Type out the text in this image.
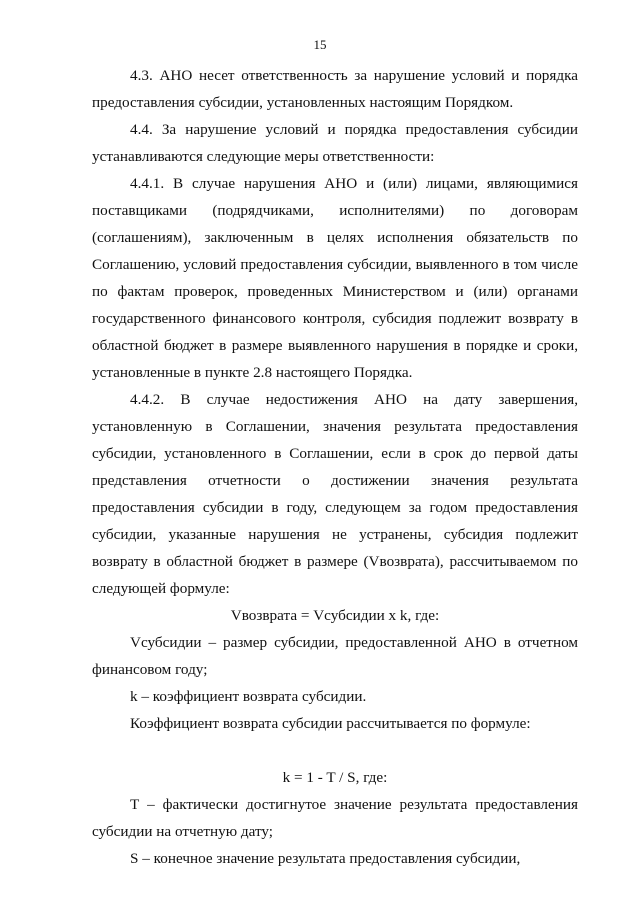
15

4.3. АНО несет ответственность за нарушение условий и порядка предоставления субсидии, установленных настоящим Порядком.

4.4. За нарушение условий и порядка предоставления субсидии устанавливаются следующие меры ответственности:

4.4.1. В случае нарушения АНО и (или) лицами, являющимися поставщиками (подрядчиками, исполнителями) по договорам (соглашениям), заключенным в целях исполнения обязательств по Соглашению, условий предоставления субсидии, выявленного в том числе по фактам проверок, проведенных Министерством и (или) органами государственного финансового контроля, субсидия подлежит возврату в областной бюджет в размере выявленного нарушения в порядке и сроки, установленные в пункте 2.8 настоящего Порядка.

4.4.2. В случае недостижения АНО на дату завершения, установленную в Соглашении, значения результата предоставления субсидии, установленного в Соглашении, если в срок до первой даты представления отчетности о достижении значения результата предоставления субсидии в году, следующем за годом предоставления субсидии, указанные нарушения не устранены, субсидия подлежит возврату в областной бюджет в размере (Vвозврата), рассчитываемом по следующей формуле:

Vвозврата = Vсубсидии x k, где:

Vсубсидии – размер субсидии, предоставленной АНО в отчетном финансовом году;

k – коэффициент возврата субсидии.

Коэффициент возврата субсидии рассчитывается по формуле:

k = 1 - T / S, где:

Т – фактически достигнутое значение результата предоставления субсидии на отчетную дату;

S – конечное значение результата предоставления субсидии,
